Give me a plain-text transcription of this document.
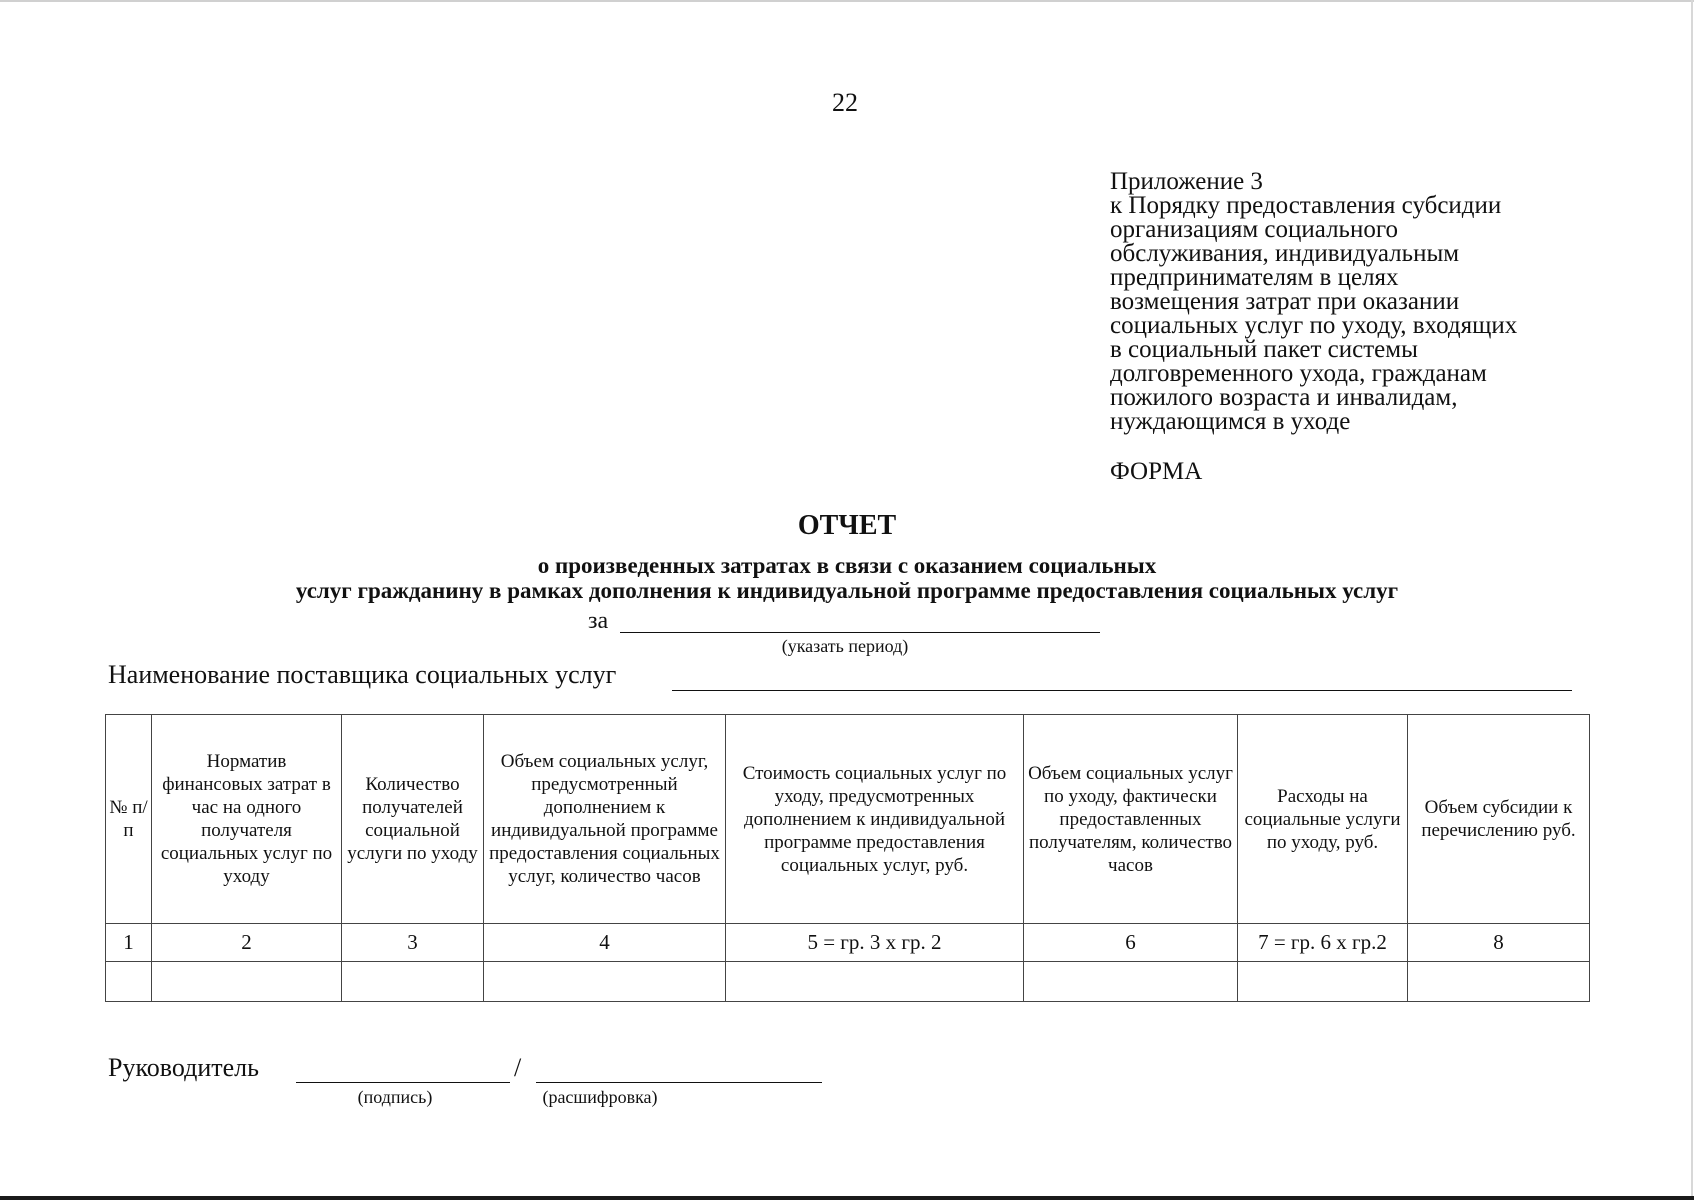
22
Приложение 3
к Порядку предоставления субсидии
организациям социального
обслуживания, индивидуальным
предпринимателям в целях
возмещения затрат при оказании
социальных услуг по уходу, входящих
в социальный пакет системы
долговременного ухода, гражданам
пожилого возраста и инвалидам,
нуждающимся в уходе
ФОРМА
ОТЧЕТ
о произведенных затратах в связи с оказанием социальных
услуг гражданину в рамках дополнения к индивидуальной программе предоставления социальных услуг
за
(указать период)
Наименование поставщика социальных услуг
№ п/п	Норматив финансовых затрат в час на одного получателя социальных услуг по уходу	Количество получателей социальной услуги по уходу	Объем социальных услуг, предусмотренный дополнением к индивидуальной программе предоставления социальных услуг, количество часов	Стоимость социальных услуг по уходу, предусмотренных дополнением к индивидуальной программе предоставления социальных услуг, руб.	Объем социальных услуг по уходу, фактически предоставленных получателям, количество часов	Расходы на социальные услуги по уходу, руб.	Объем субсидии к перечислению руб.
1	2	3	4	5 = гр. 3 х гр. 2	6	7 = гр. 6 х гр.2	8

Руководитель	/
(подпись)	(расшифровка)
